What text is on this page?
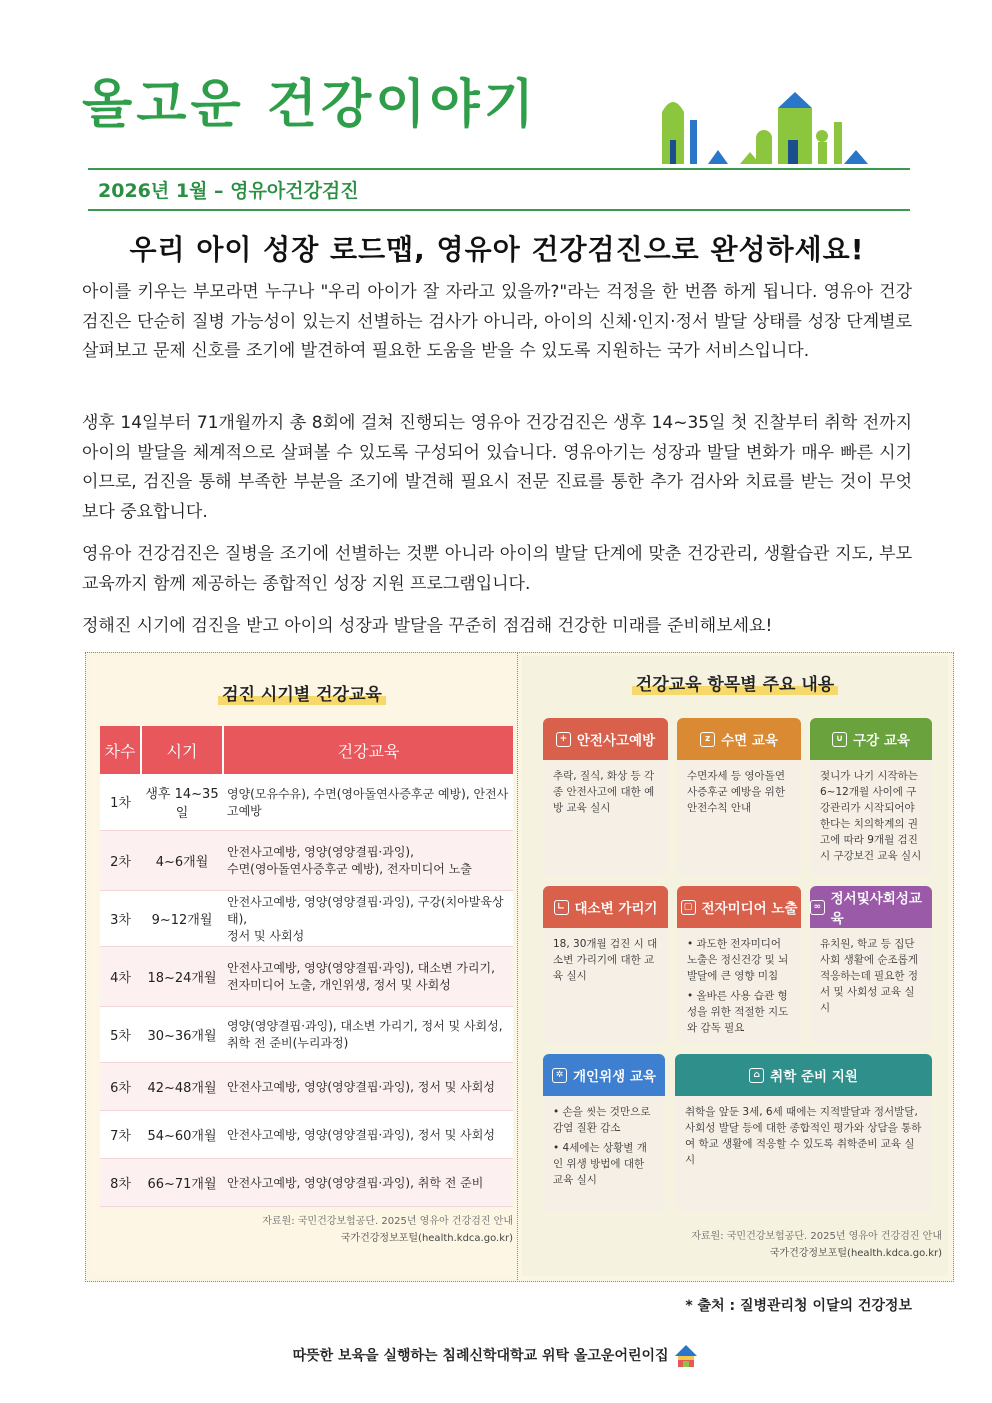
올고운 건강이야기
2026년 1월 – 영유아건강검진
우리 아이 성장 로드맵, 영유아 건강검진으로 완성하세요!

아이를 키우는 부모라면 누구나 "우리 아이가 잘 자라고 있을까?"라는 걱정을 한 번쯤 하게 됩니다. 영유아 건강검진은 단순히 질병 가능성이 있는지 선별하는 검사가 아니라, 아이의 신체·인지·정서 발달 상태를 성장 단계별로 살펴보고 문제 신호를 조기에 발견하여 필요한 도움을 받을 수 있도록 지원하는 국가 서비스입니다.

생후 14일부터 71개월까지 총 8회에 걸쳐 진행되는 영유아 건강검진은 생후 14~35일 첫 진찰부터 취학 전까지 아이의 발달을 체계적으로 살펴볼 수 있도록 구성되어 있습니다. 영유아기는 성장과 발달 변화가 매우 빠른 시기이므로, 검진을 통해 부족한 부분을 조기에 발견해 필요시 전문 진료를 통한 추가 검사와 치료를 받는 것이 무엇보다 중요합니다.

영유아 건강검진은 질병을 조기에 선별하는 것뿐 아니라 아이의 발달 단계에 맞춘 건강관리, 생활습관 지도, 부모 교육까지 함께 제공하는 종합적인 성장 지원 프로그램입니다.

정해진 시기에 검진을 받고 아이의 성장과 발달을 꾸준히 점검해 건강한 미래를 준비해보세요!

검진 시기별 건강교육
차수	시기	건강교육
1차	생후 14~35일	영양(모유수유), 수면(영아돌연사증후군 예방), 안전사고예방

2차	4~6개월	안전사고예방, 영양(영양결핍·과잉),
수면(영아돌연사증후군 예방), 전자미디어 노출

3차	9~12개월	안전사고예방, 영양(영양결핍·과잉), 구강(치아발육상태),
정서 및 사회성

4차	18~24개월	안전사고예방, 영양(영양결핍·과잉), 대소변 가리기,
전자미디어 노출, 개인위생, 정서 및 사회성

5차	30~36개월	영양(영양결핍·과잉), 대소변 가리기, 정서 및 사회성,
취학 전 준비(누리과정)

6차	42~48개월	안전사고예방, 영양(영양결핍·과잉), 정서 및 사회성

7차	54~60개월	안전사고예방, 영양(영양결핍·과잉), 정서 및 사회성

8차	66~71개월	안전사고예방, 영양(영양결핍·과잉), 취학 전 준비
자료원: 국민건강보험공단. 2025년 영유아 건강검진 안내
국가건강정보포털(health.kdca.go.kr)
건강교육 항목별 주요 내용
+ 안전사고예방

추락, 질식, 화상 등 각종 안전사고에 대한 예방 교육 실시

z 수면 교육

수면자세 등 영아돌연사증후군 예방을 위한 안전수칙 안내

∪ 구강 교육

젖니가 나기 시작하는 6~12개월 사이에 구강관리가 시작되어야 한다는 치의학계의 권고에 따라 9개월 검진시 구강보건 교육 실시

∟ 대소변 가리기

18, 30개월 검진 시 대소변 가리기에 대한 교육 실시

▢ 전자미디어 노출

• 과도한 전자미디어 노출은 정신건강 및 뇌발달에 큰 영향 미침

• 올바른 사용 습관 형성을 위한 적절한 지도와 감독 필요

∞ 정서및사회성교육

유치원, 학교 등 집단 사회 생활에 순조롭게 적응하는데 필요한 정서 및 사회성 교육 실시

✲ 개인위생 교육

• 손을 씻는 것만으로 감염 질환 감소

• 4세에는 상황별 개인 위생 방법에 대한 교육 실시

⌂ 취학 준비 지원

취학을 앞둔 3세, 6세 때에는 지적발달과 정서발달, 사회성 발달 등에 대한 종합적인 평가와 상담을 통하여 학교 생활에 적응할 수 있도록 취학준비 교육 실시

자료원: 국민건강보험공단. 2025년 영유아 건강검진 안내
국가건강정보포털(health.kdca.go.kr)
* 출처 : 질병관리청 이달의 건강정보
따뜻한 보육을 실행하는 침례신학대학교 위탁 올고운어린이집
